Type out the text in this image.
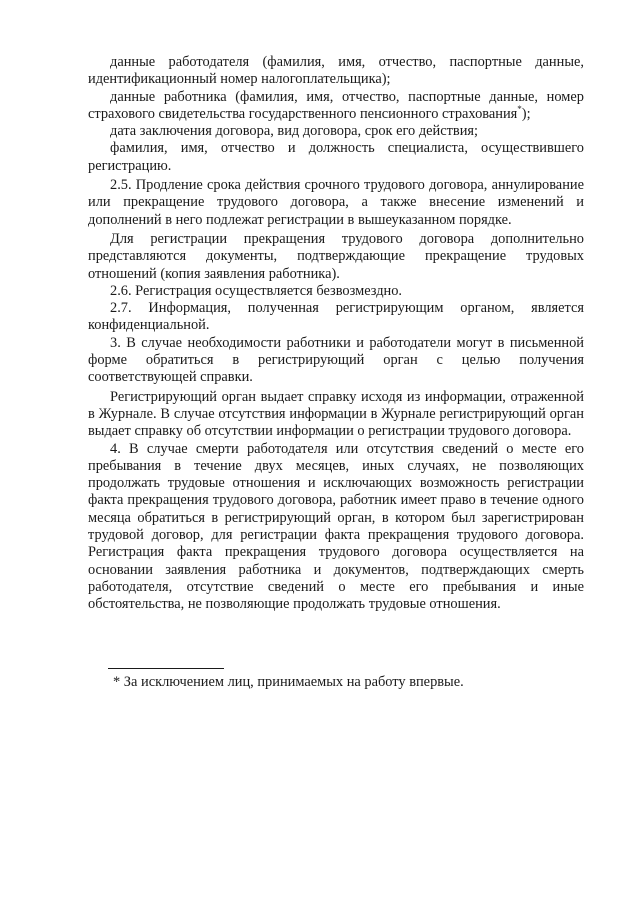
данные работодателя (фамилия, имя, отчество, паспортные данные, идентификационный номер налогоплательщика);

данные работника (фамилия, имя, отчество, паспортные данные, номер страхового свидетельства государственного пенсионного страхования*);

дата заключения договора, вид договора, срок его действия;

фамилия, имя, отчество и должность специалиста, осуществившего регистрацию.

2.5. Продление срока действия срочного трудового договора, аннулирование или прекращение трудового договора, а также внесение изменений и дополнений в него подлежат регистрации в вышеуказанном порядке.

Для регистрации прекращения трудового договора дополнительно представляются документы, подтверждающие прекращение трудовых отношений (копия заявления работника).

2.6. Регистрация осуществляется безвозмездно.

2.7. Информация, полученная регистрирующим органом, является конфиденциальной.

3. В случае необходимости работники и работодатели могут в письменной форме обратиться в регистрирующий орган с целью получения соответствующей справки.

Регистрирующий орган выдает справку исходя из информации, отраженной в Журнале. В случае отсутствия информации в Журнале регистрирующий орган выдает справку об отсутствии информации о регистрации трудового договора.

4. В случае смерти работодателя или отсутствия сведений о месте его пребывания в течение двух месяцев, иных случаях, не позволяющих продолжать трудовые отношения и исключающих возможность регистрации факта прекращения трудового договора, работник имеет право в течение одного месяца обратиться в регистрирующий орган, в котором был зарегистрирован трудовой договор, для регистрации факта прекращения трудового договора. Регистрация факта прекращения трудового договора осуществляется на основании заявления работника и документов, подтверждающих смерть работодателя, отсутствие сведений о месте его пребывания и иные обстоятельства, не позволяющие продолжать трудовые отношения.

* За исключением лиц, принимаемых на работу впервые.
